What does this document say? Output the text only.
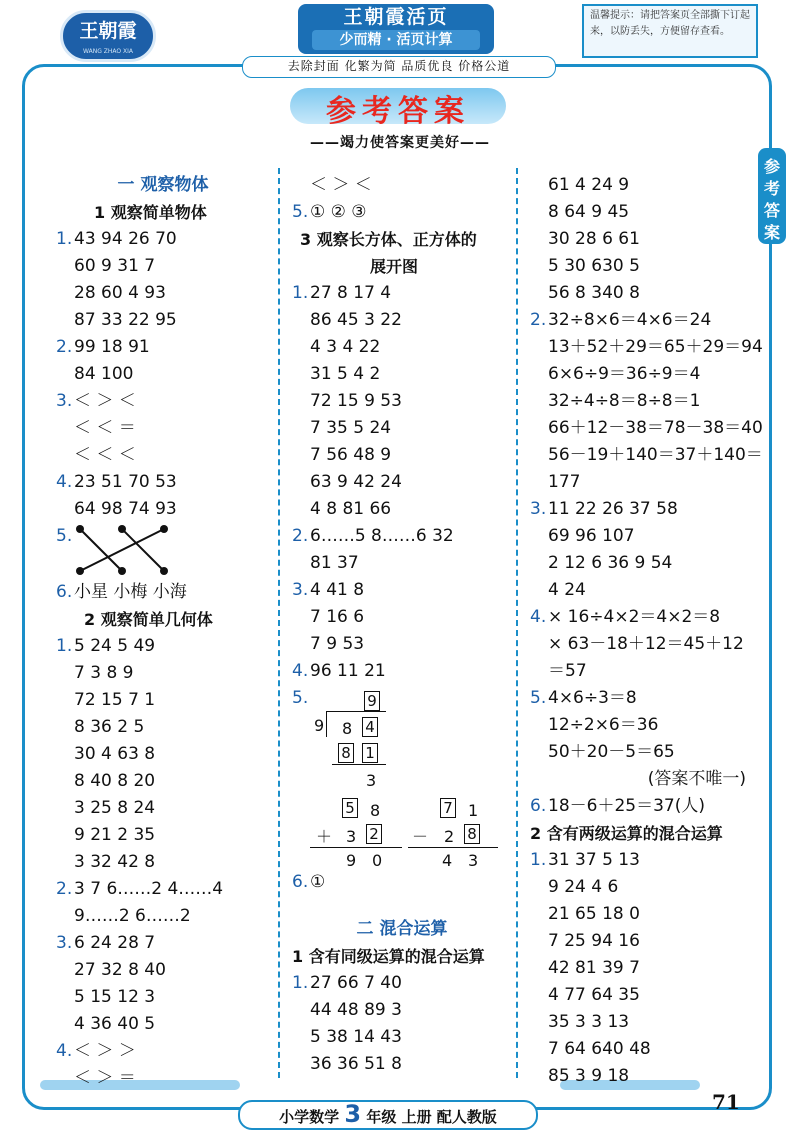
王朝霞
WANG ZHAO XIA
王朝霞活页
少而精 · 活页计算
温馨提示：请把答案页全部撕下订起来，以防丢失，方便留存查看。
去除封面 化繁为简 品质优良 价格公道
参考答案
——竭力使答案更美好——
参考答案
一 观察物体
1 观察简单物体
1. 43 94 26 70
60 9 31 7
28 60 4 93
87 33 22 95
2. 99 18 91
84 100
3. ＜ ＞ ＜
＜ ＜ ＝
＜ ＜ ＜
4. 23 51 70 53
64 98 74 93
5.
6. 小星 小梅 小海
2 观察简单几何体
1. 5 24 5 49
7 3 8 9
72 15 7 1
8 36 2 5
30 4 63 8
8 40 8 20
3 25 8 24
9 21 2 35
3 32 42 8
2. 3 7 6……2 4……4
9……2 6……2
3. 6 24 28 7
27 32 8 40
5 15 12 3
4 36 40 5
4. ＜ ＞ ＞
＜ ＞ ＝
＜ ＞ ＜
5. ① ② ③
3 观察长方体、正方体的
展开图
1. 27 8 17 4
86 45 3 22
4 3 4 22
31 5 4 2
72 15 9 53
7 35 5 24
7 56 48 9
63 9 42 24
4 8 81 66
2. 6……5 8……6 32
81 37
3. 4 41 8
7 16 6
7 9 53
4. 96 11 21
5.	9
9 8 4
8 1
3
5 8
＋ 3 2
9 0
7 1
－ 2 8
4 3
6. ①
二 混合运算
1 含有同级运算的混合运算
1. 27 66 7 40
44 48 89 3
5 38 14 43
36 36 51 8
61 4 24 9
8 64 9 45
30 28 6 61
5 30 630 5
56 8 340 8
2. 32÷8×6＝4×6＝24
13＋52＋29＝65＋29＝94
6×6÷9＝36÷9＝4
32÷4÷8＝8÷8＝1
66＋12－38＝78－38＝40
56－19＋140＝37＋140＝
177
3. 11 22 26 37 58
69 96 107
2 12 6 36 9 54
4 24
4. × 16÷4×2＝4×2＝8
× 63－18＋12＝45＋12
＝57
5. 4×6÷3＝8
12÷2×6＝36
50＋20－5＝65
(答案不唯一)
6. 18－6＋25＝37(人)
2 含有两级运算的混合运算
1. 31 37 5 13
9 24 4 6
21 65 18 0
7 25 94 16
42 81 39 7
4 77 64 35
35 3 3 13
7 64 640 48
85 3 9 18
小学数学 3 年级 上册 配人教版
71
